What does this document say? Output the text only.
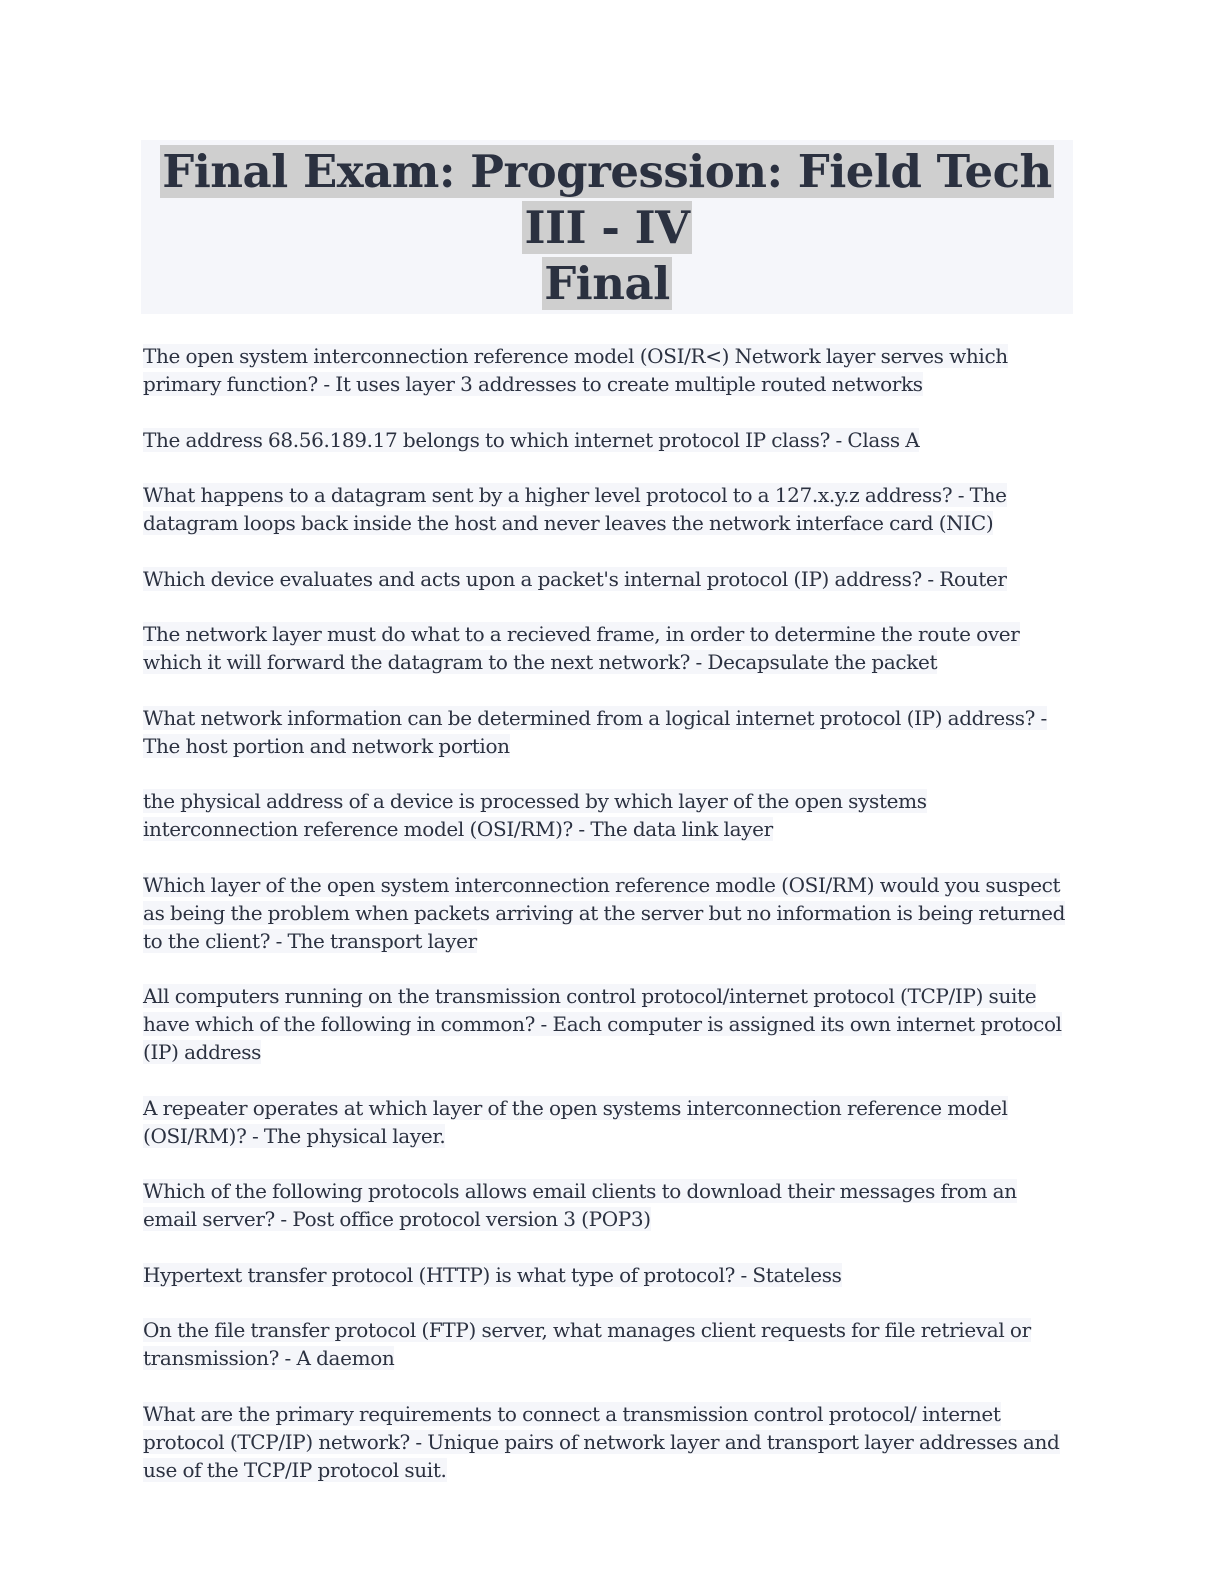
Final Exam: Progression: Field Tech III - IV
Final
The open system interconnection reference model (OSI/R<) Network layer serves which primary function? - It uses layer 3 addresses to create multiple routed networks
The address 68.56.189.17 belongs to which internet protocol IP class? - Class A
What happens to a datagram sent by a higher level protocol to a 127.x.y.z address? - The datagram loops back inside the host and never leaves the network interface card (NIC)
Which device evaluates and acts upon a packet's internal protocol (IP) address? - Router
The network layer must do what to a recieved frame, in order to determine the route over which it will forward the datagram to the next network? - Decapsulate the packet
What network information can be determined from a logical internet protocol (IP) address? - The host portion and network portion
the physical address of a device is processed by which layer of the open systems interconnection reference model (OSI/RM)? - The data link layer
Which layer of the open system interconnection reference modle (OSI/RM) would you suspect as being the problem when packets arriving at the server but no information is being returned to the client? - The transport layer
All computers running on the transmission control protocol/internet protocol (TCP/IP) suite have which of the following in common? - Each computer is assigned its own internet protocol (IP) address
A repeater operates at which layer of the open systems interconnection reference model (OSI/RM)? - The physical layer.
Which of the following protocols allows email clients to download their messages from an email server? - Post office protocol version 3 (POP3)
Hypertext transfer protocol (HTTP) is what type of protocol? - Stateless
On the file transfer protocol (FTP) server, what manages client requests for file retrieval or transmission? - A daemon
What are the primary requirements to connect a transmission control protocol/ internet protocol (TCP/IP) network? - Unique pairs of network layer and transport layer addresses and use of the TCP/IP protocol suit.
